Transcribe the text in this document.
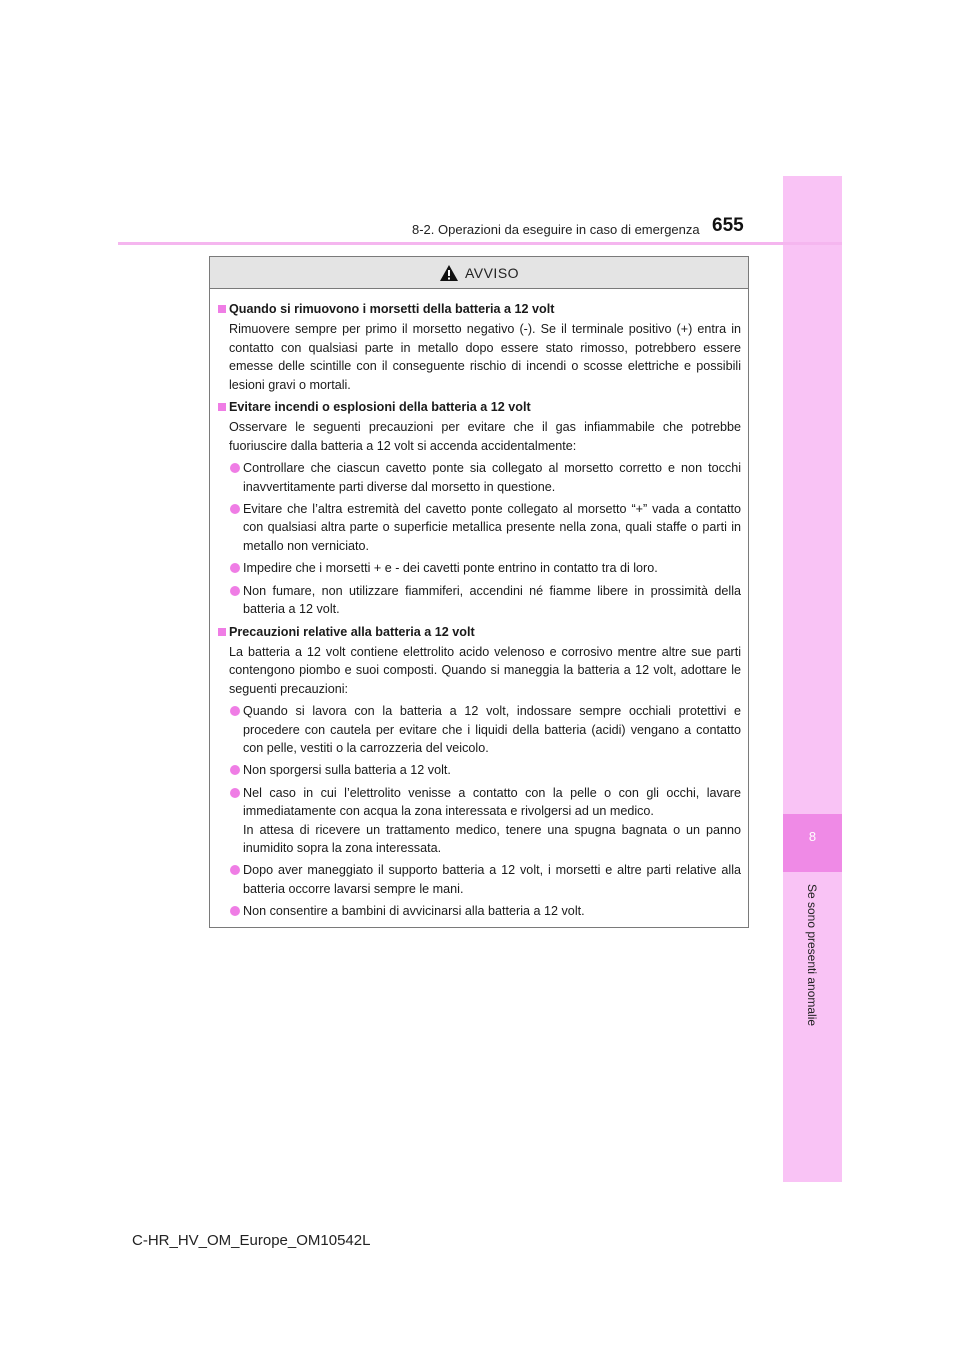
8
Se sono presenti anomalie
8-2. Operazioni da eseguire in caso di emergenza 655
AVVISO
Quando si rimuovono i morsetti della batteria a 12 volt
Rimuovere sempre per primo il morsetto negativo (-). Se il terminale positivo (+) entra in contatto con qualsiasi parte in metallo dopo essere stato rimosso, potrebbero essere emesse delle scintille con il conseguente rischio di incendi o scosse elettriche e possibili lesioni gravi o mortali.
Evitare incendi o esplosioni della batteria a 12 volt
Osservare le seguenti precauzioni per evitare che il gas infiammabile che potrebbe fuoriuscire dalla batteria a 12 volt si accenda accidentalmente:
Controllare che ciascun cavetto ponte sia collegato al morsetto corretto e non tocchi inavvertitamente parti diverse dal morsetto in questione.
Evitare che l’altra estremità del cavetto ponte collegato al morsetto “+” vada a contatto con qualsiasi altra parte o superficie metallica presente nella zona, quali staffe o parti in metallo non verniciato.
Impedire che i morsetti + e - dei cavetti ponte entrino in contatto tra di loro.
Non fumare, non utilizzare fiammiferi, accendini né fiamme libere in prossimità della batteria a 12 volt.
Precauzioni relative alla batteria a 12 volt
La batteria a 12 volt contiene elettrolito acido velenoso e corrosivo mentre altre sue parti contengono piombo e suoi composti. Quando si maneggia la batteria a 12 volt, adottare le seguenti precauzioni:
Quando si lavora con la batteria a 12 volt, indossare sempre occhiali protettivi e procedere con cautela per evitare che i liquidi della batteria (acidi) vengano a contatto con pelle, vestiti o la carrozzeria del veicolo.
Non sporgersi sulla batteria a 12 volt.
Nel caso in cui l’elettrolito venisse a contatto con la pelle o con gli occhi, lavare immediatamente con acqua la zona interessata e rivolgersi ad un medico.
In attesa di ricevere un trattamento medico, tenere una spugna bagnata o un panno inumidito sopra la zona interessata.
Dopo aver maneggiato il supporto batteria a 12 volt, i morsetti e altre parti relative alla batteria occorre lavarsi sempre le mani.
Non consentire a bambini di avvicinarsi alla batteria a 12 volt.
C-HR_HV_OM_Europe_OM10542L
